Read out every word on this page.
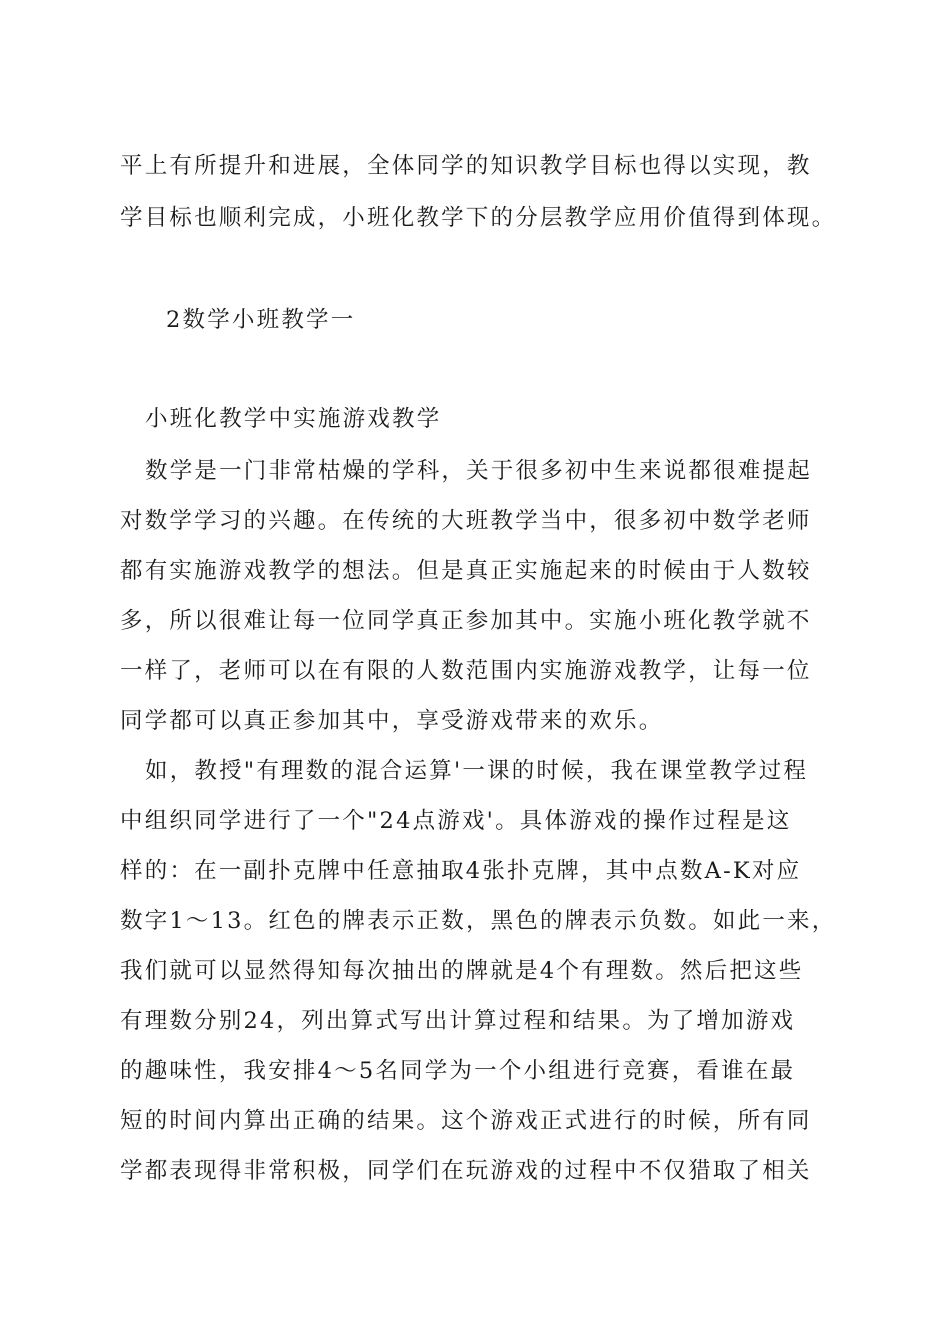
平上有所提升和进展，全体同学的知识教学目标也得以实现，教

学目标也顺利完成，小班化教学下的分层教学应用价值得到体现。

2数学小班教学一

小班化教学中实施游戏教学

数学是一门非常枯燥的学科，关于很多初中生来说都很难提起

对数学学习的兴趣。在传统的大班教学当中，很多初中数学老师

都有实施游戏教学的想法。但是真正实施起来的时候由于人数较

多，所以很难让每一位同学真正参加其中。实施小班化教学就不

一样了，老师可以在有限的人数范围内实施游戏教学，让每一位

同学都可以真正参加其中，享受游戏带来的欢乐。

如，教授"有理数的混合运算'一课的时候，我在课堂教学过程

中组织同学进行了一个"24点游戏'。具体游戏的操作过程是这

样的：在一副扑克牌中任意抽取4张扑克牌，其中点数A-K对应

数字1～13。红色的牌表示正数，黑色的牌表示负数。如此一来，

我们就可以显然得知每次抽出的牌就是4个有理数。然后把这些

有理数分别24，列出算式写出计算过程和结果。为了增加游戏

的趣味性，我安排4～5名同学为一个小组进行竞赛，看谁在最

短的时间内算出正确的结果。这个游戏正式进行的时候，所有同

学都表现得非常积极，同学们在玩游戏的过程中不仅猎取了相关
